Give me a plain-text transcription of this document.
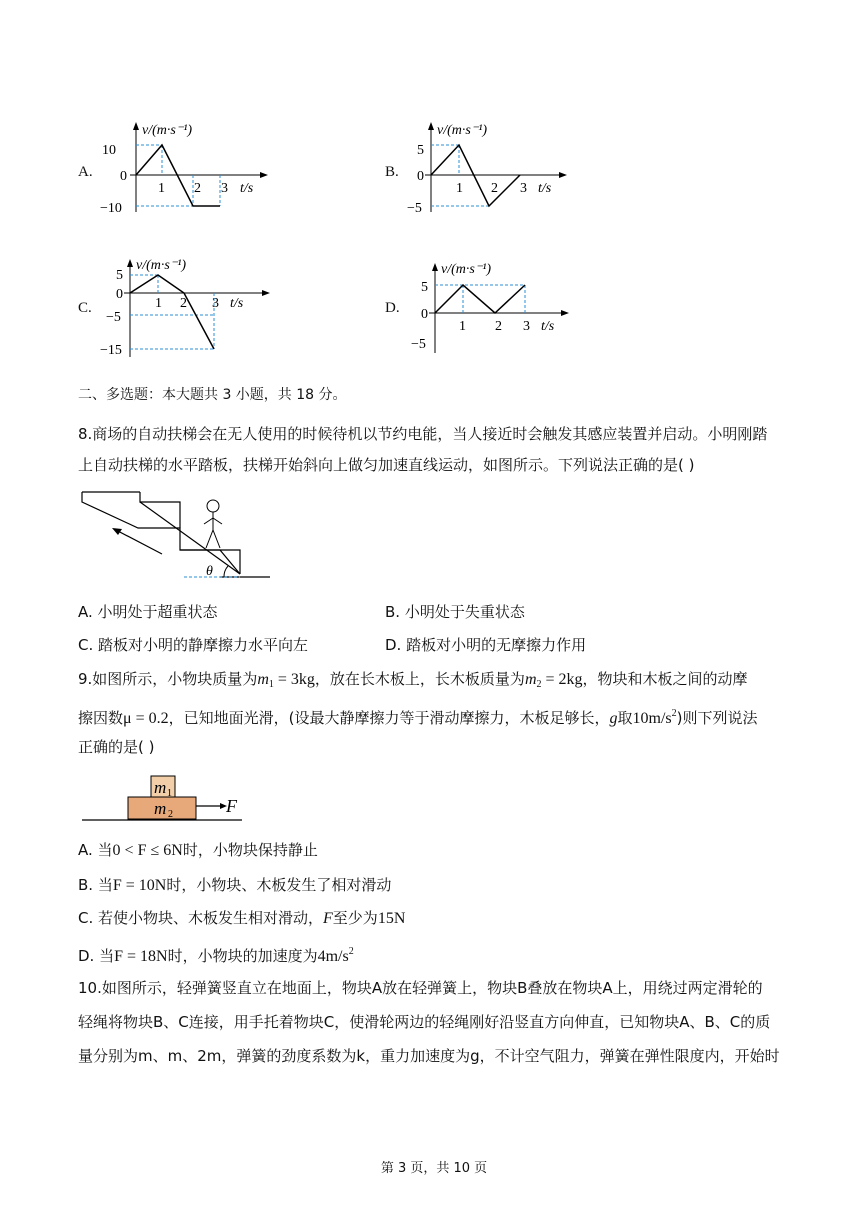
A.
v/(m·s⁻¹)
t/s
10
0
−10
1 2 3
B.
v/(m·s⁻¹)
t/s
5
0
−5
1 2 3
C.
v/(m·s⁻¹)
t/s
5
0
−5
−15
1 2 3	D.
v/(m·s⁻¹)
t/s
5
0
−5
1 2 3
二、多选题：本大题共 3 小题，共 18 分。
8.商场的自动扶梯会在无人使用的时候待机以节约电能，当人接近时会触发其感应装置并启动。小明刚踏
上自动扶梯的水平踏板，扶梯开始斜向上做匀加速直线运动，如图所示。下列说法正确的是( )
θ
A. 小明处于超重状态	B. 小明处于失重状态
C. 踏板对小明的静摩擦力水平向左	D. 踏板对小明的无摩擦力作用
9.如图所示，小物块质量为$m_1 = 3kg$，放在长木板上，长木板质量为$m_2 = 2kg$，物块和木板之间的动摩
擦因数μ = 0.2，已知地面光滑，(设最大静摩擦力等于滑动摩擦力，木板足够长，g取$10m/s^2$)则下列说法
正确的是( )
m 1
m 2	F
A. 当0 < F ≤ 6N时，小物块保持静止
B. 当F = 10N时，小物块、木板发生了相对滑动
C. 若使小物块、木板发生相对滑动，F至少为15N
D. 当F = 18N时，小物块的加速度为$4m/s^2$
10.如图所示，轻弹簧竖直立在地面上，物块A放在轻弹簧上，物块B叠放在物块A上，用绕过两定滑轮的
轻绳将物块B、C连接，用手托着物块C，使滑轮两边的轻绳刚好沿竖直方向伸直，已知物块A、B、C的质
量分别为m、m、2m，弹簧的劲度系数为k，重力加速度为g，不计空气阻力，弹簧在弹性限度内，开始时
第 3 页，共 10 页
